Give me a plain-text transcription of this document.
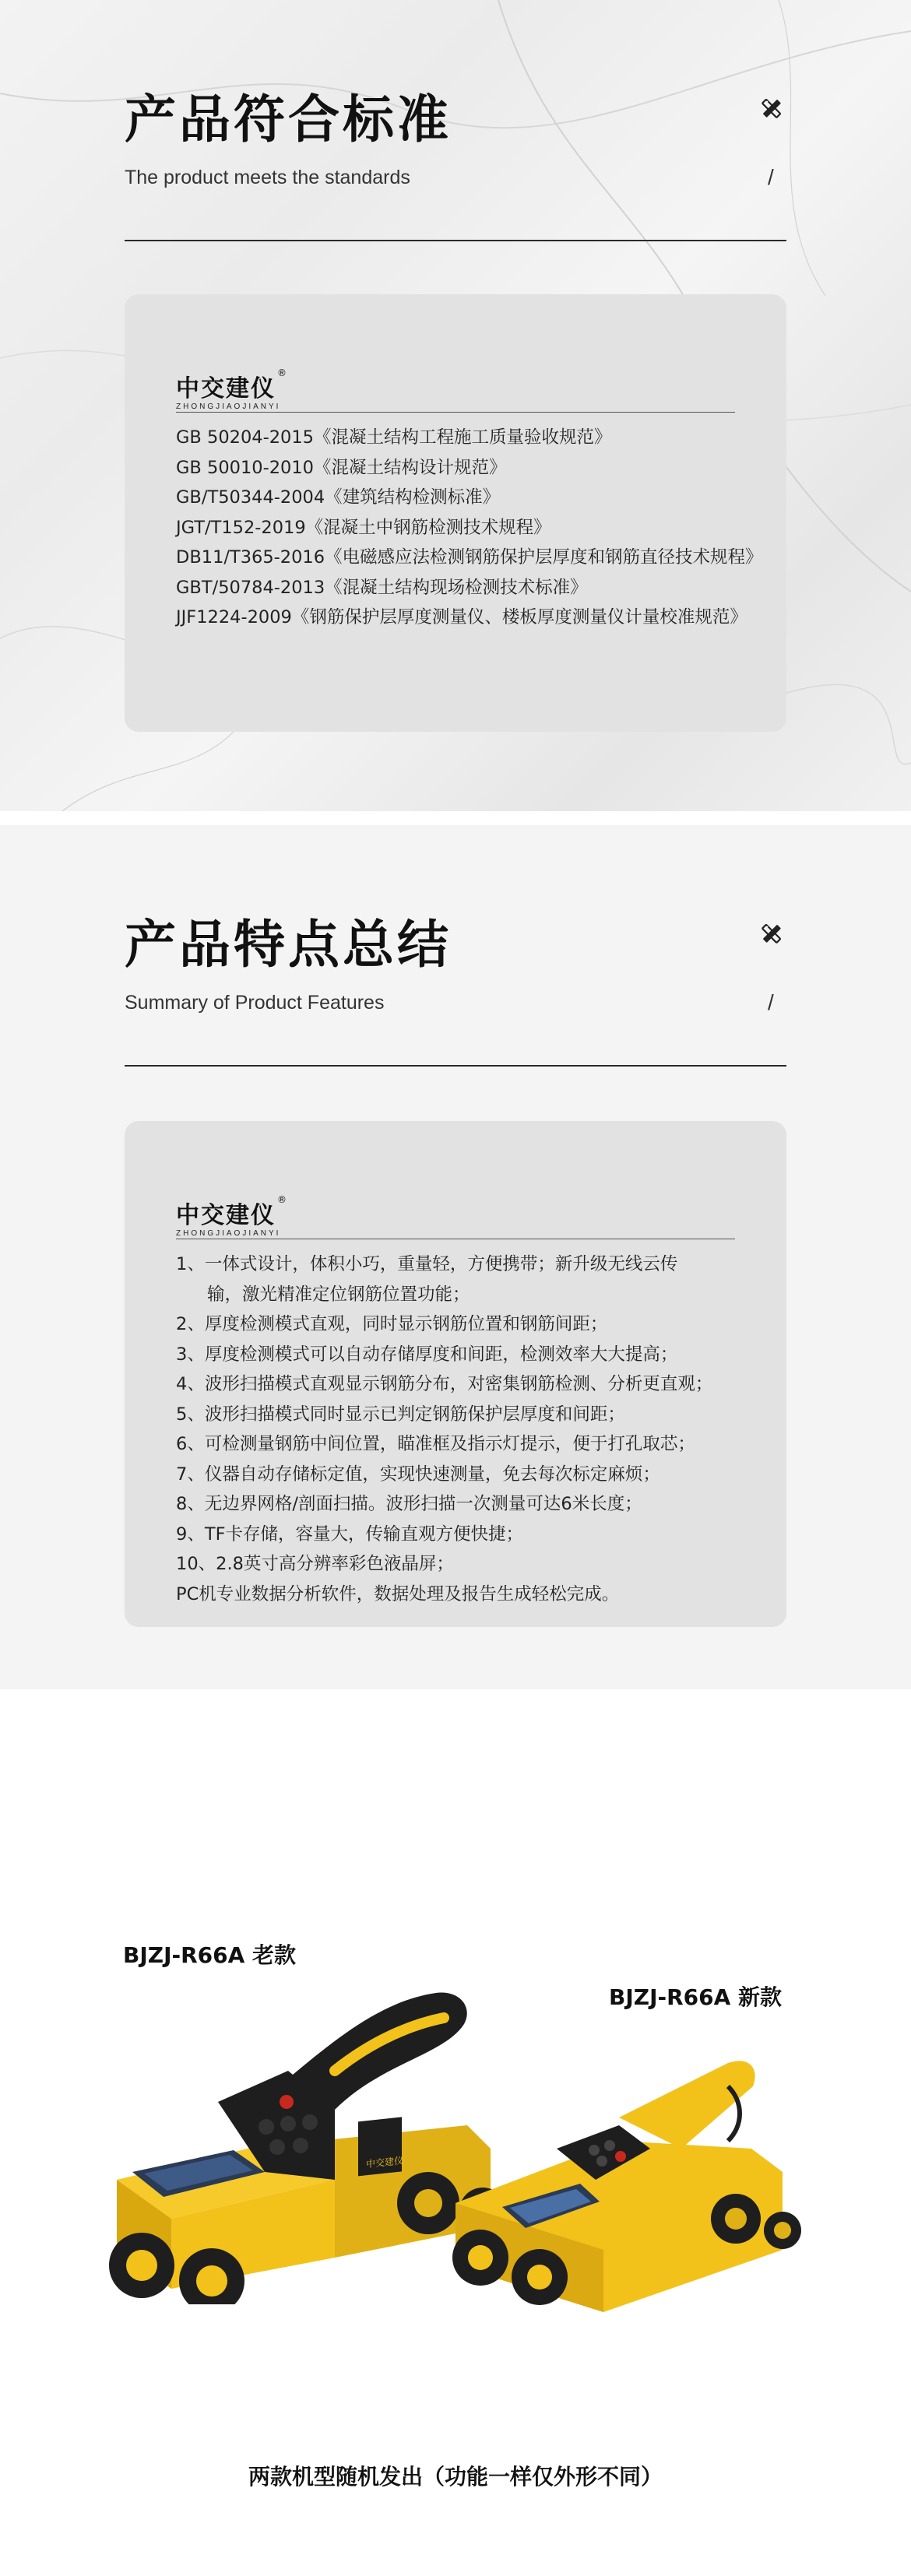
产品符合标准
The product meets the standards	/
中交建仪
®
ZHONGJIAOJIANYI
GB 50204-2015《混凝土结构工程施工质量验收规范》
GB 50010-2010《混凝土结构设计规范》
GB/T50344-2004《建筑结构检测标准》
JGT/T152-2019《混凝土中钢筋检测技术规程》
DB11/T365-2016《电磁感应法检测钢筋保护层厚度和钢筋直径技术规程》
GBT/50784-2013《混凝土结构现场检测技术标准》
JJF1224-2009《钢筋保护层厚度测量仪、楼板厚度测量仪计量校准规范》
产品特点总结
Summary of Product Features	/
中交建仪
®
ZHONGJIAOJIANYI
1、 一体式设计，体积小巧，重量轻，方便携带；新升级无线云传
输，激光精准定位钢筋位置功能；
2、 厚度检测模式直观，同时显示钢筋位置和钢筋间距；
3、 厚度检测模式可以自动存储厚度和间距，检测效率大大提高；
4、 波形扫描模式直观显示钢筋分布，对密集钢筋检测、分析更直观；
5、 波形扫描模式同时显示已判定钢筋保护层厚度和间距；
6、 可检测量钢筋中间位置，瞄准框及指示灯提示，便于打孔取芯；
7、 仪器自动存储标定值，实现快速测量，免去每次标定麻烦；
8、 无边界网格/剖面扫描。波形扫描一次测量可达6米长度；
9、 TF卡存储，容量大，传输直观方便快捷；
10、 2.8英寸高分辨率彩色液晶屏；
PC机专业数据分析软件，数据处理及报告生成轻松完成。
BJZJ-R66A 老款
BJZJ-R66A 新款
中交建仪
两款机型随机发出（功能一样仅外形不同）
